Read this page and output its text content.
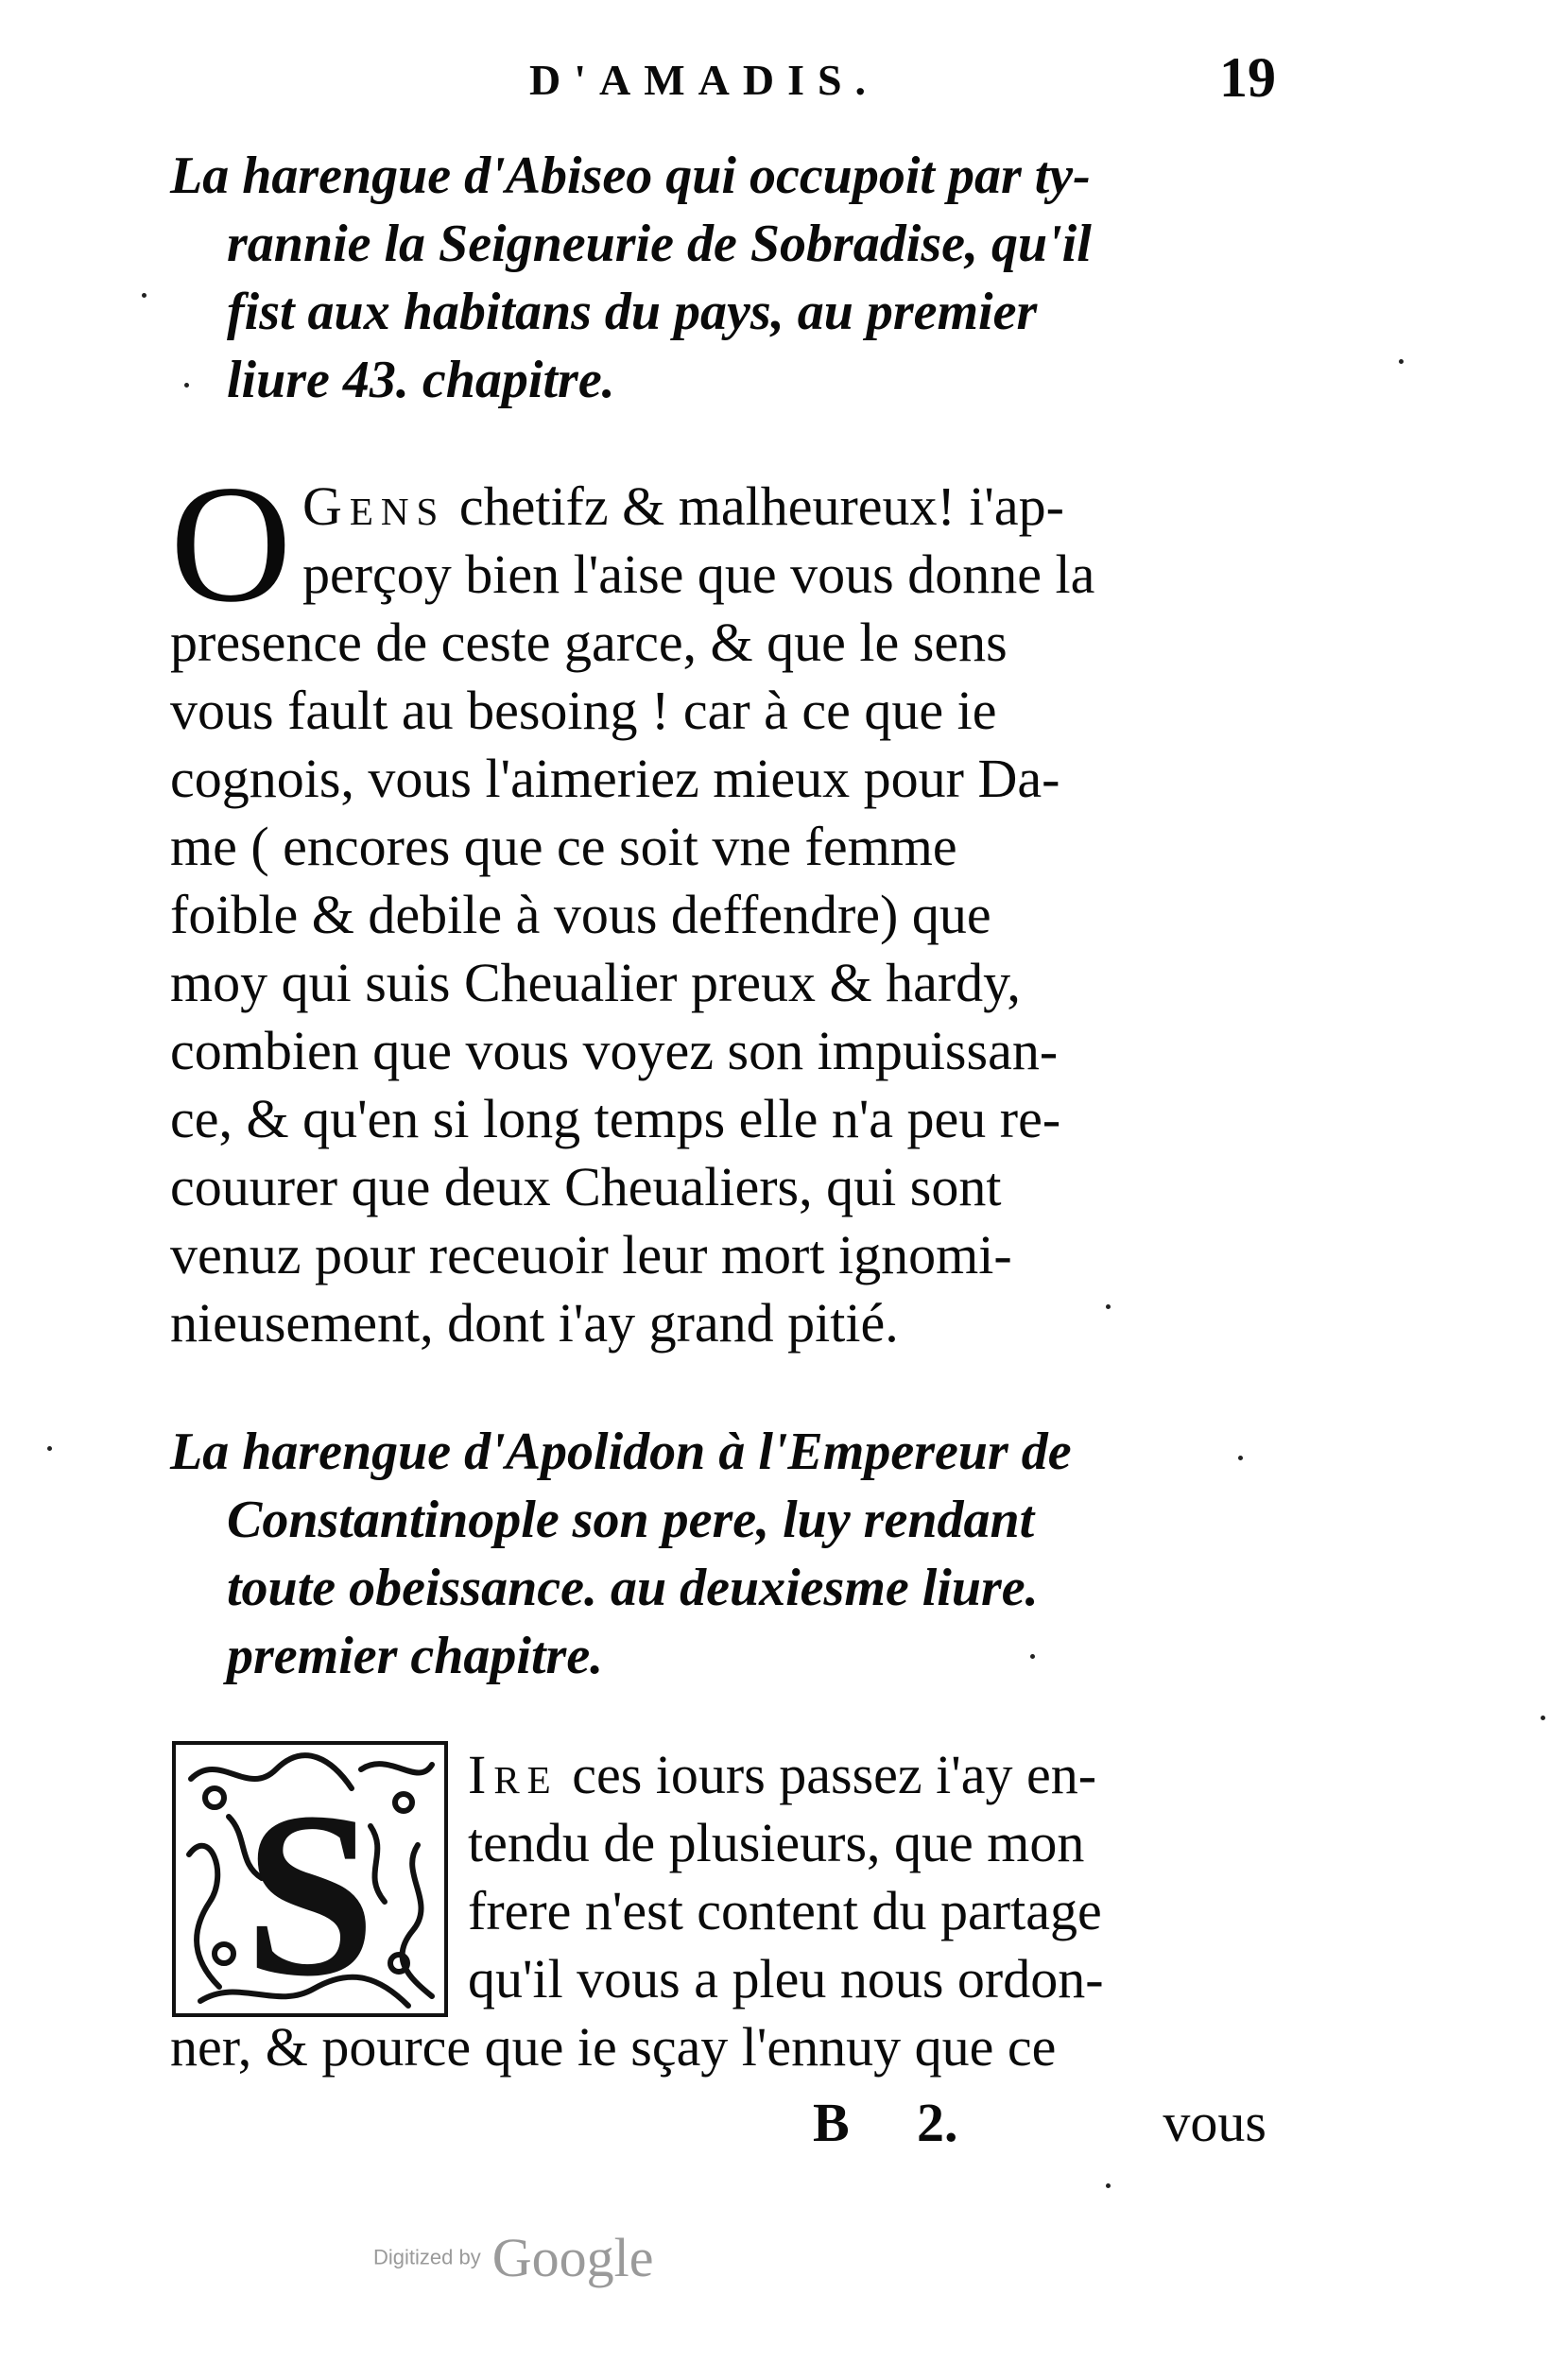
D'AMADIS.	19
La harengue d'Abiseo qui occupoit par ty-
rannie la Seigneurie de Sobradise, qu'il
fist aux habitans du pays, au premier
liure 43. chapitre.
O Gens chetifz & malheureux! i'ap-
perçoy bien l'aise que vous donne la
presence de ceste garce, & que le sens
vous fault au besoing ! car à ce que ie
cognois, vous l'aimeriez mieux pour Da-
me ( encores que ce soit vne femme
foible & debile à vous deffendre) que
moy qui suis Cheualier preux & hardy,
combien que vous voyez son impuissan-
ce, & qu'en si long temps elle n'a peu re-
couurer que deux Cheualiers, qui sont
venuz pour receuoir leur mort ignomi-
nieusement, dont i'ay grand pitié.
La harengue d'Apolidon à l'Empereur de
Constantinople son pere, luy rendant
toute obeissance. au deuxiesme liure.
premier chapitre.
S	Ire ces iours passez i'ay en-
tendu de plusieurs, que mon
frere n'est content du partage
qu'il vous a pleu nous ordon-
ner, & pource que ie sçay l'ennuy que ce
B 2.	vous
Digitized by Google
